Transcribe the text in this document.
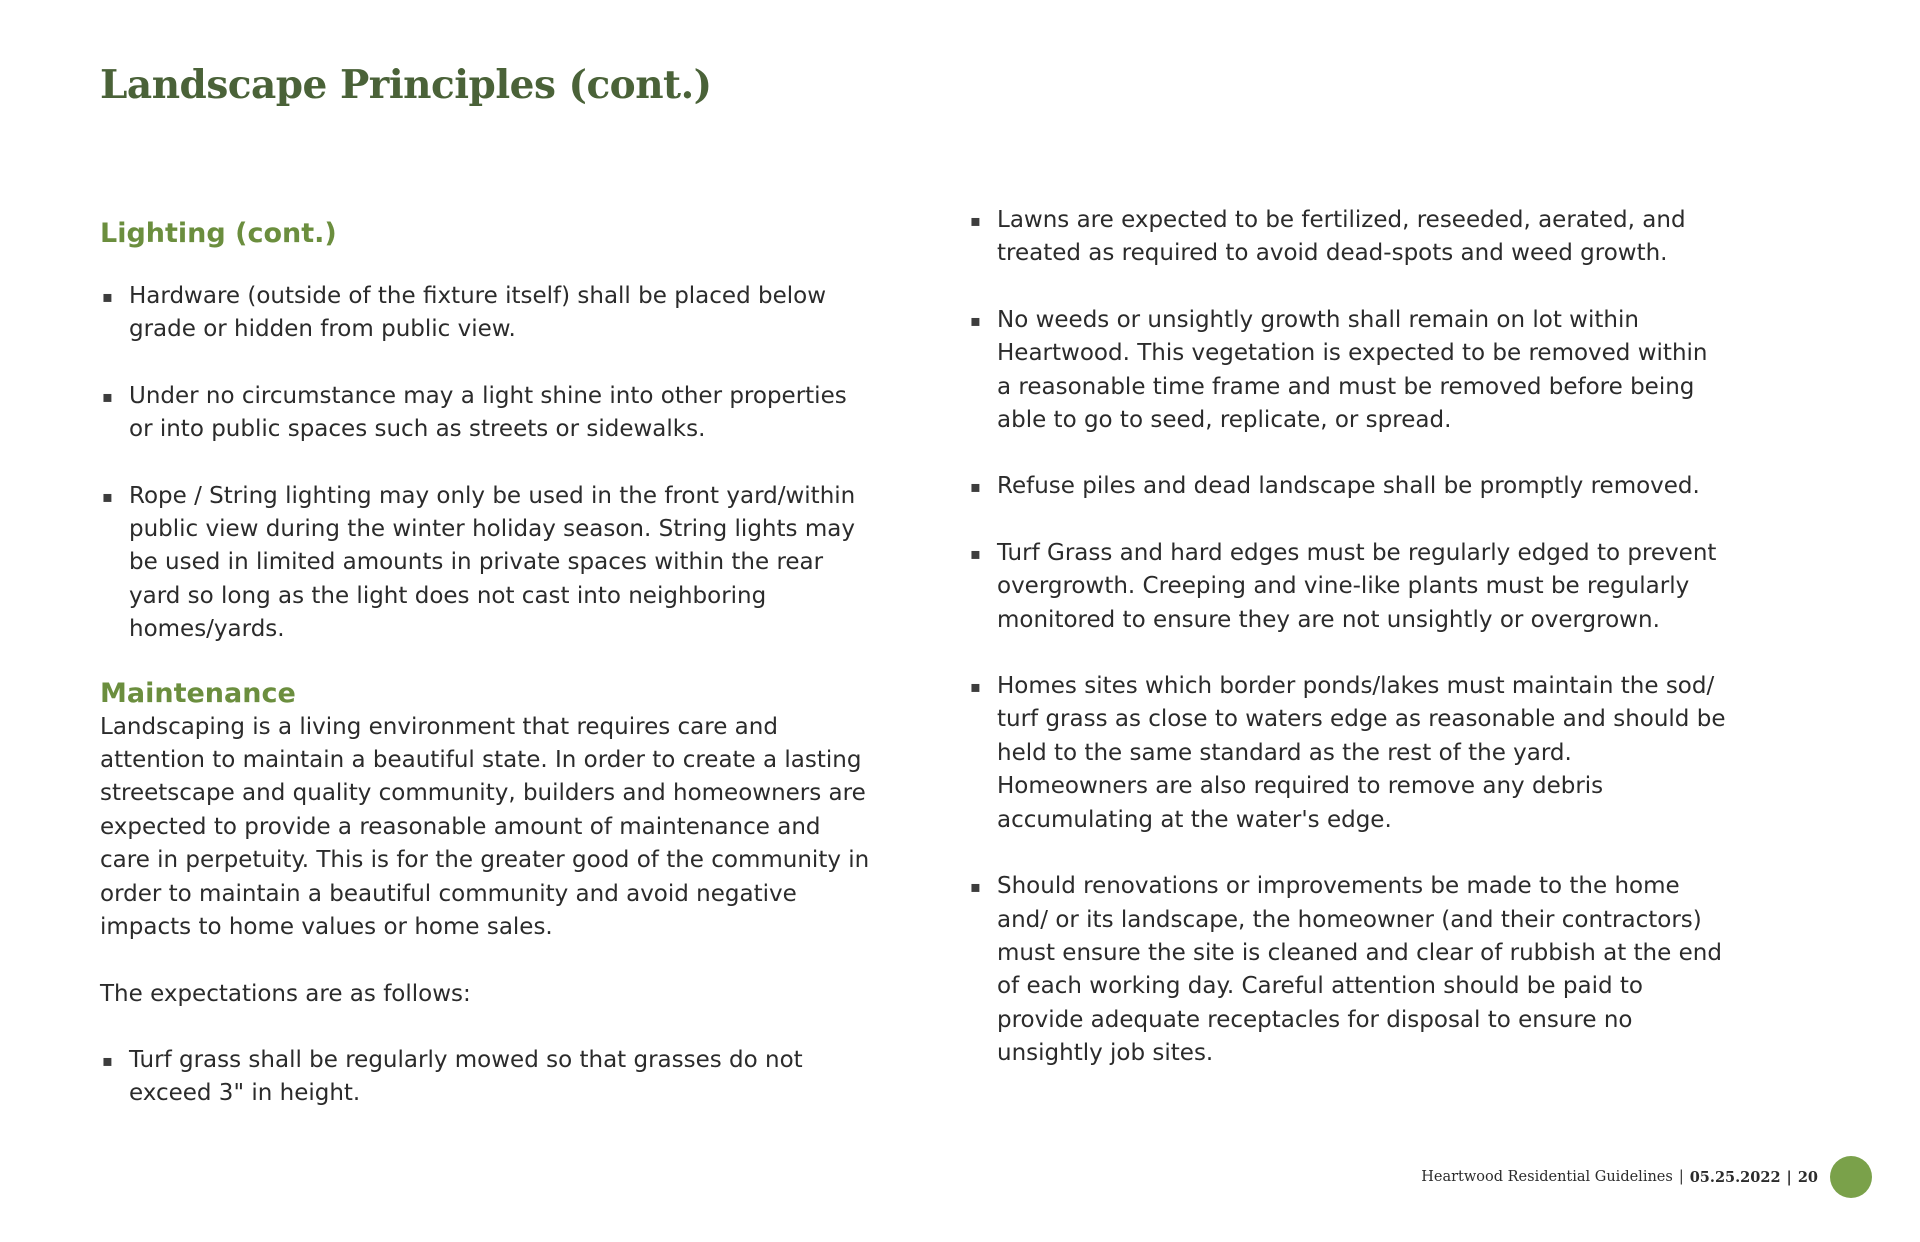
Landscape Principles (cont.)
Lighting (cont.)
▪ Hardware (outside of the fixture itself) shall be placed below grade or hidden from public view.
▪ Under no circumstance may a light shine into other properties or into public spaces such as streets or sidewalks.
▪ Rope / String lighting may only be used in the front yard/within public view during the winter holiday season. String lights may be used in limited amounts in private spaces within the rear yard so long as the light does not cast into neighboring homes/yards.
Maintenance

Landscaping is a living environment that requires care and attention to maintain a beautiful state. In order to create a lasting streetscape and quality community, builders and homeowners are expected to provide a reasonable amount of maintenance and care in perpetuity. This is for the greater good of the community in order to maintain a beautiful community and avoid negative impacts to home values or home sales.

The expectations are as follows:

▪ Turf grass shall be regularly mowed so that grasses do not exceed 3" in height.
▪ Lawns are expected to be fertilized, reseeded, aerated, and treated as required to avoid dead-spots and weed growth.
▪ No weeds or unsightly growth shall remain on lot within Heartwood. This vegetation is expected to be removed within a reasonable time frame and must be removed before being able to go to seed, replicate, or spread.
▪ Refuse piles and dead landscape shall be promptly removed.
▪ Turf Grass and hard edges must be regularly edged to prevent overgrowth. Creeping and vine-like plants must be regularly monitored to ensure they are not unsightly or overgrown.
▪ Homes sites which border ponds/lakes must maintain the sod/ turf grass as close to waters edge as reasonable and should be held to the same standard as the rest of the yard. Homeowners are also required to remove any debris accumulating at the water's edge.
▪ Should renovations or improvements be made to the home and/ or its landscape, the homeowner (and their contractors) must ensure the site is cleaned and clear of rubbish at the end of each working day. Careful attention should be paid to provide adequate receptacles for disposal to ensure no unsightly job sites.
Heartwood Residential Guidelines | 05.25.2022 | 20
